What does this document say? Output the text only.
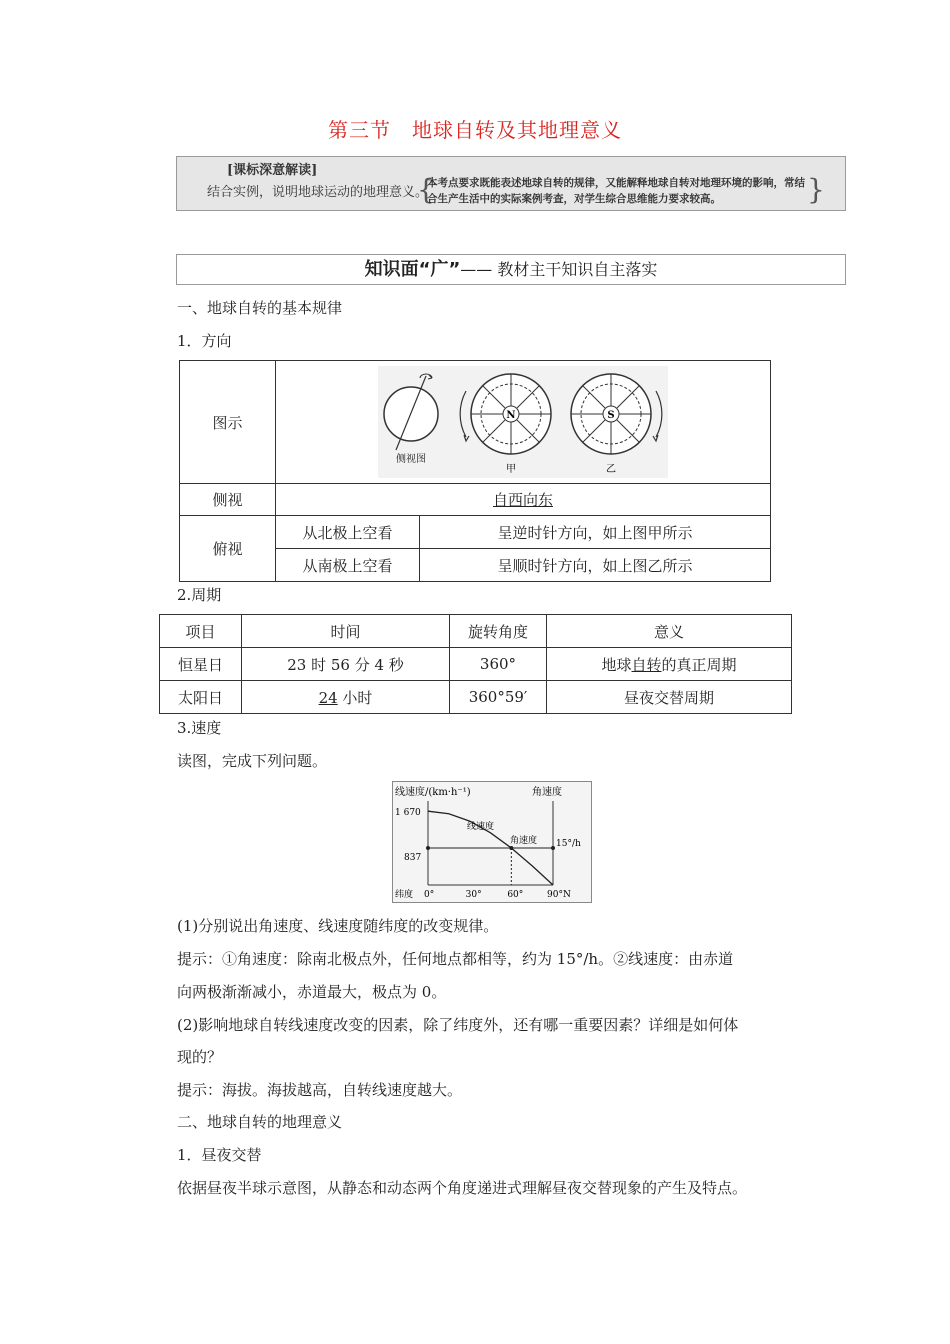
第三节　地球自转及其地理意义
[课标深意解读]
结合实例，说明地球运动的地理意义。
{
本考点要求既能表述地球自转的规律，又能解释地球自转对地理环境的影响，常结合生产生活中的实际案例考查，对学生综合思维能力要求较高。	}
知识面“广”—— 教材主干知识自主落实
一、地球自转的基本规律
1．方向
图示	侧视图
N
甲
S
乙	

侧视	自西向东	
俯视	从北极上空看	呈逆时针方向，如上图甲所示
	从南极上空看	呈顺时针方向，如上图乙所示
2.周期
项目	时间	旋转角度	意义
恒星日	23 时 56 分 4 秒	360°	地球自转的真正周期
太阳日	24 小时	360°59′	昼夜交替周期
3.速度
读图，完成下列问题。
线速度/(km·h⁻¹)	角速度
1 670
837
15°/h
纬度 0°	30°	60°	90°N
线速度
角速度
(1)分别说出角速度、线速度随纬度的改变规律。
提示：①角速度：除南北极点外，任何地点都相等，约为 15°/h。②线速度：由赤道
向两极渐渐减小，赤道最大，极点为 0。
(2)影响地球自转线速度改变的因素，除了纬度外，还有哪一重要因素？详细是如何体
现的？
提示：海拔。海拔越高，自转线速度越大。
二、地球自转的地理意义
1．昼夜交替
依据昼夜半球示意图，从静态和动态两个角度递进式理解昼夜交替现象的产生及特点。
